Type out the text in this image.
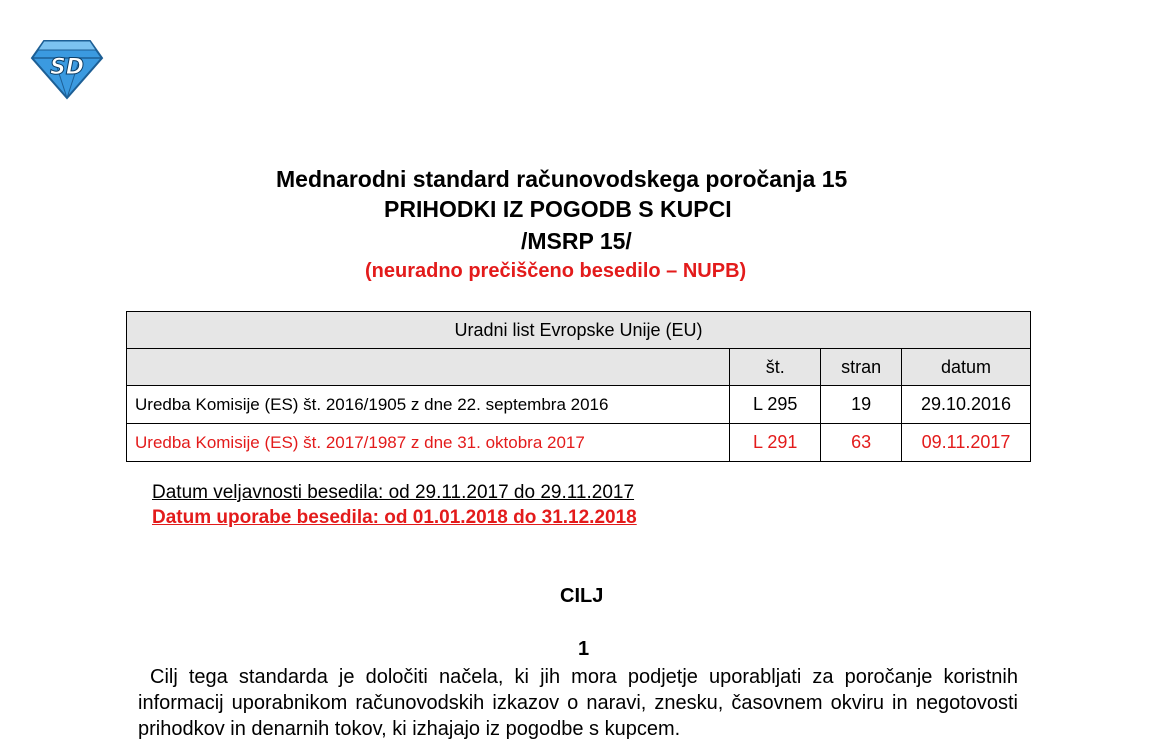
SD
Mednarodni standard računovodskega poročanja 15
PRIHODKI IZ POGODB S KUPCI
/MSRP 15/
(neuradno prečiščeno besedilo – NUPB)
Uradni list Evropske Unije (EU)			
	št.	stran	datum
Uredba Komisije (ES) št. 2016/1905 z dne 22. septembra 2016	L 295	19	29.10.2016
Uredba Komisije (ES) št. 2017/1987 z dne 31. oktobra 2017	L 291	63	09.11.2017
Datum veljavnosti besedila: od 29.11.2017 do 29.11.2017
Datum uporabe besedila: od 01.01.2018 do 31.12.2018
CILJ
1
Cilj tega standarda je določiti načela, ki jih mora podjetje uporabljati za poročanje koristnih informacij uporabnikom računovodskih izkazov o naravi, znesku, časovnem okviru in negotovosti prihodkov in denarnih tokov, ki izhajajo iz pogodbe s kupcem.
